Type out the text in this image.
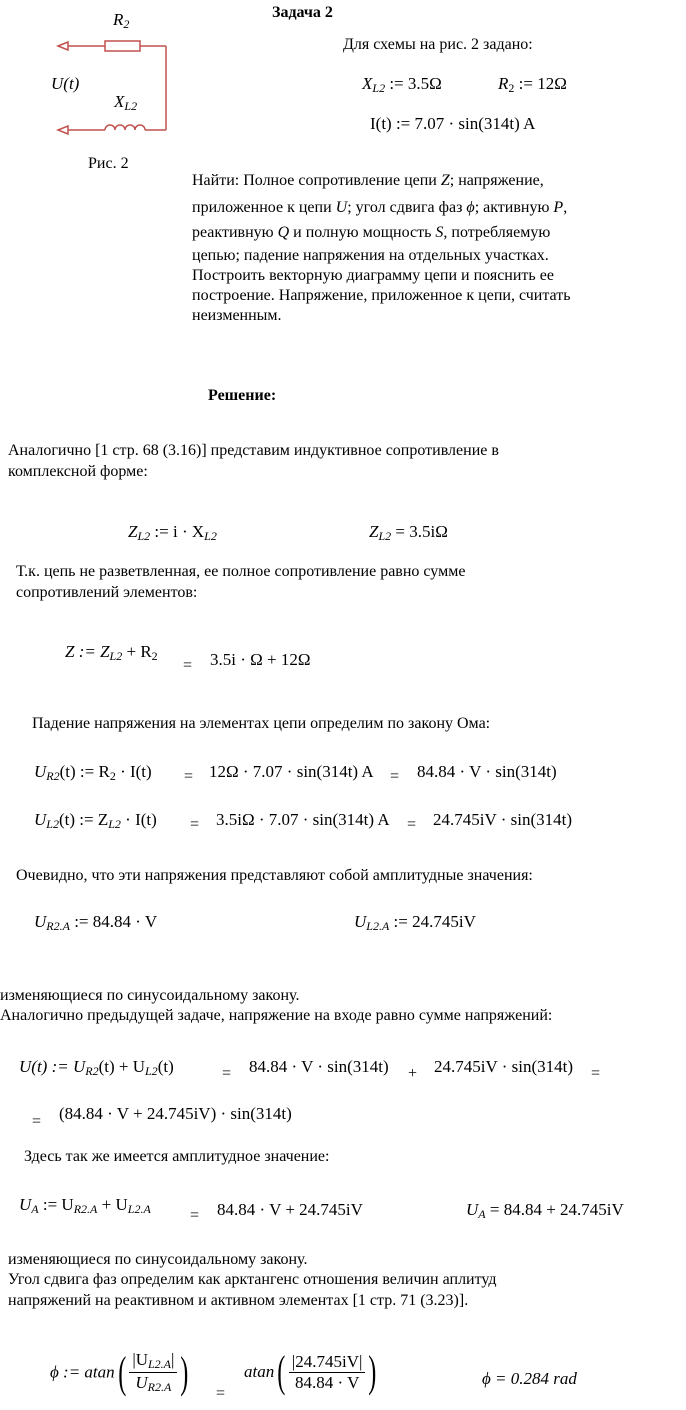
$R_2$
$X_{L2}$
U(t)
Рис. 2
Задача 2
Для схемы на рис. 2 задано:
$X_{L2}$ := 3.5Ω	$R_2$ := 12Ω
I(t) := 7.07 · sin(314t) A
Найти: Полное сопротивление цепи Z; напряжение,
приложенное к цепи U; угол сдвига фаз ϕ; активную P,
реактивную Q и полную мощность S, потребляемую
цепью; падение напряжения на отдельных участках.
Построить векторную диаграмму цепи и пояснить ее
построение. Напряжение, приложенное к цепи, считать
неизменным.
Решение:
Аналогично [1 стр. 68 (3.16)] представим индуктивное сопротивление в комплексной форме:
$Z_{L2}$ := $i \cdot X_{L2}$	$Z_{L2} = 3.5i\Omega$
Т.к. цепь не разветвленная, ее полное сопротивление равно сумме сопротивлений элементов:
Z := $Z_{L2} + R_2$
= 3.5i · Ω + 12Ω
Падение напряжения на элементах цепи определим по закону Ома:
$U_{R2}(t)$ := $R_2 \cdot I(t) = 12\Omega \cdot 7.07 \cdot \sin(314t) A = 84.84 \cdot V \cdot \sin(314t)$
$U_{L2}(t)$ := $Z_{L2} \cdot I(t) = 3.5i\Omega \cdot 7.07 \cdot \sin(314t) A = 24.745iV \cdot \sin(314t)$
Очевидно, что эти напряжения представляют собой амплитудные значения:
$U_{R2.A}$ := 84.84 · V	$U_{L2.A}$ := 24.745iV
изменяющиеся по синусоидальному закону.
Аналогично предыдущей задаче, напряжение на входе равно сумме напряжений:
U(t) := $U_{R2}(t) + U_{L2}(t)$	= 84.84 · V · sin(314t) + 24.745iV · sin(314t) =
= (84.84 · V + 24.745iV) · sin(314t)
Здесь так же имеется амплитудное значение:
$U_A$ := $U_{R2.A} + U_{L2.A} = 84.84 \cdot V + 24.745iV$	$U_A = 84.84 + 24.745iV$
изменяющиеся по синусоидальному закону.
Угол сдвига фаз определим как арктангенс отношения величин аплитуд
напряжений на реактивном и активном элементах [1 стр. 71 (3.23)].
ϕ := $atan( \frac{|U_{L2.A}|}{U_{R2.A}}$ ) =
$atan( \frac{|24.745iV|}{84.84 \cdot V}$ )	ϕ = 0.284 rad
